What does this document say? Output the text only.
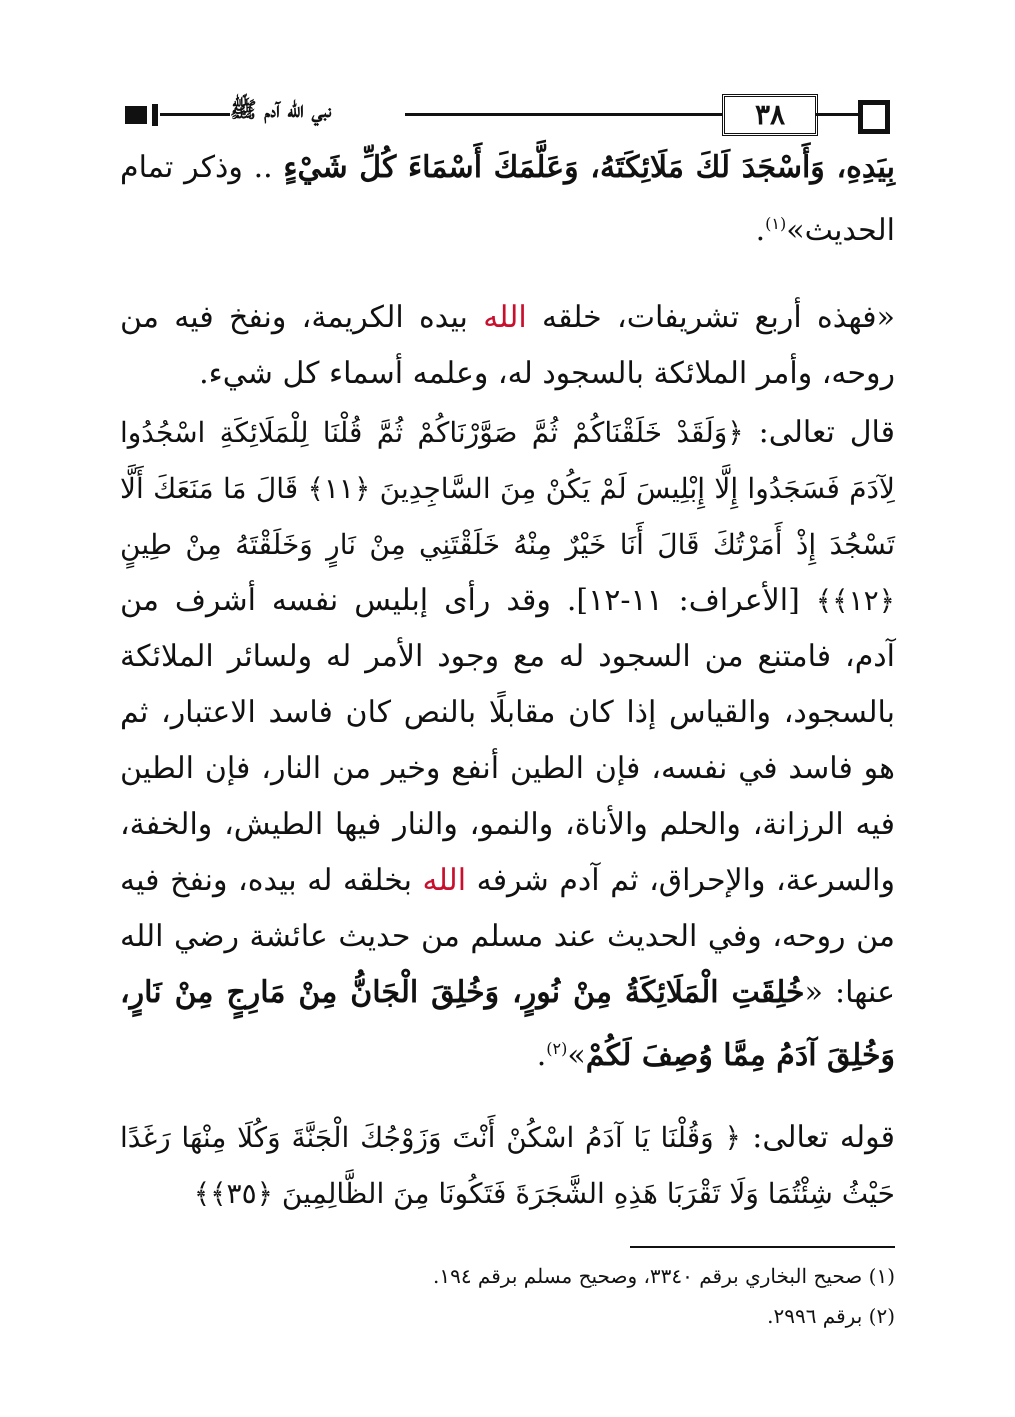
نبي الله آدم ﷺ	٣٨
بِيَدِهِ، وَأَسْجَدَ لَكَ مَلَائِكَتَهُ، وَعَلَّمَكَ أَسْمَاءَ كُلِّ شَيْءٍ .. وذكر تمام الحديث»$^{(١)}$.
«فهذه أربع تشريفات، خلقه الله بيده الكريمة، ونفخ فيه من روحه، وأمر الملائكة بالسجود له، وعلمه أسماء كل شيء.
قال تعالى: ﴿وَلَقَدْ خَلَقْنَاكُمْ ثُمَّ صَوَّرْنَاكُمْ ثُمَّ قُلْنَا لِلْمَلَائِكَةِ اسْجُدُوا لِآدَمَ فَسَجَدُوا إِلَّا إِبْلِيسَ لَمْ يَكُنْ مِنَ السَّاجِدِينَ ﴿١١﴾ قَالَ مَا مَنَعَكَ أَلَّا تَسْجُدَ إِذْ أَمَرْتُكَ قَالَ أَنَا خَيْرٌ مِنْهُ خَلَقْتَنِي مِنْ نَارٍ وَخَلَقْتَهُ مِنْ طِينٍ ﴿١٢﴾﴾ [الأعراف: ١١-١٢]. وقد رأى إبليس نفسه أشرف من آدم، فامتنع من السجود له مع وجود الأمر له ولسائر الملائكة بالسجود، والقياس إذا كان مقابلًا بالنص كان فاسد الاعتبار، ثم هو فاسد في نفسه، فإن الطين أنفع وخير من النار، فإن الطين فيه الرزانة، والحلم والأناة، والنمو، والنار فيها الطيش، والخفة، والسرعة، والإحراق، ثم آدم شرفه الله بخلقه له بيده، ونفخ فيه من روحه، وفي الحديث عند مسلم من حديث عائشة رضي الله عنها: «خُلِقَتِ الْمَلَائِكَةُ مِنْ نُورٍ، وَخُلِقَ الْجَانُّ مِنْ مَارِجٍ مِنْ نَارٍ، وَخُلِقَ آدَمُ مِمَّا وُصِفَ لَكُمْ»$^{(٢)}$.
قوله تعالى: ﴿ وَقُلْنَا يَا آدَمُ اسْكُنْ أَنْتَ وَزَوْجُكَ الْجَنَّةَ وَكُلَا مِنْهَا رَغَدًا حَيْثُ شِئْتُمَا وَلَا تَقْرَبَا هَذِهِ الشَّجَرَةَ فَتَكُونَا مِنَ الظَّالِمِينَ ﴿٣٥﴾﴾
(١) صحيح البخاري برقم ٣٣٤٠، وصحيح مسلم برقم ١٩٤.
(٢) برقم ٢٩٩٦.
